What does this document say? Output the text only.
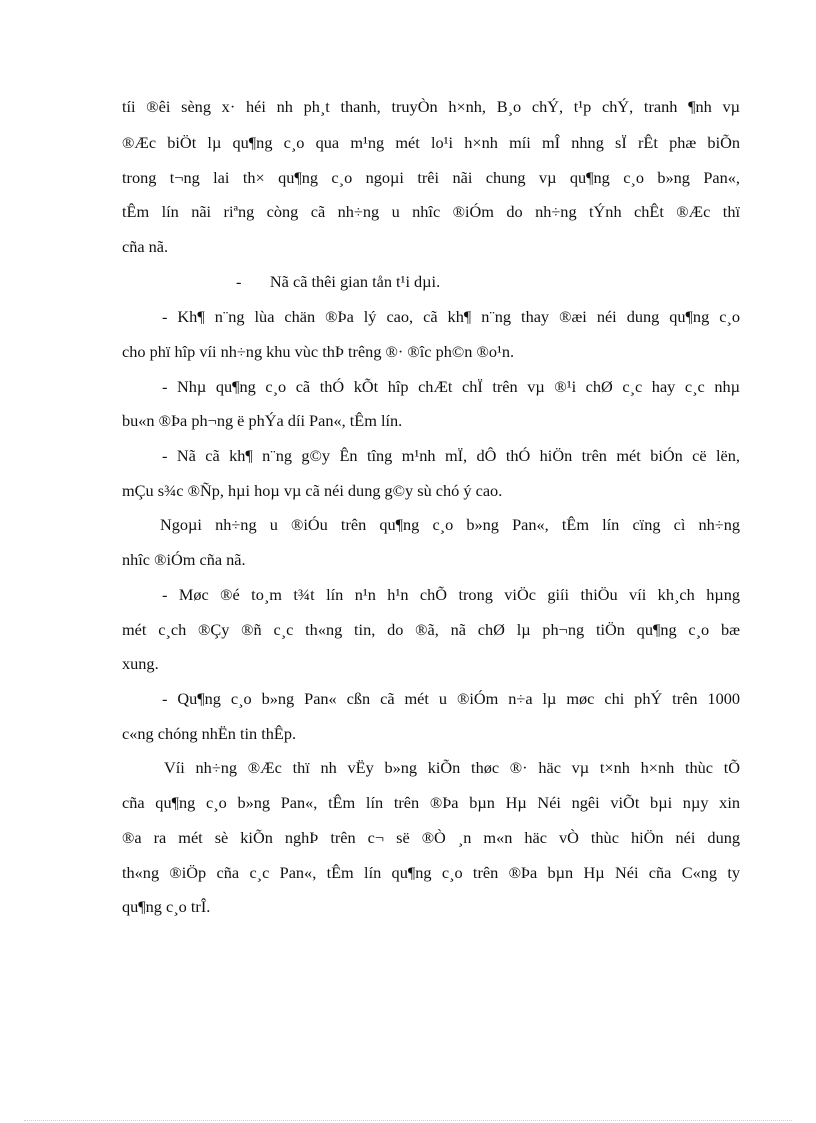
tíi ®êi sèng x· héi nh ph¸t thanh, truyÒn h×nh, B¸o chÝ, t¹p chÝ, tranh ¶nh vµ
®Æc biÖt lµ qu¶ng c¸o qua m¹ng mét lo¹i h×nh míi mÎ nhng sÏ rÊt phæ biÕn
trong t¬ng lai th× qu¶ng c¸o ngoµi trêi nãi chung vµ qu¶ng c¸o b»ng Pan«,
tÊm lín nãi riªng còng cã nh÷ng u nhîc ®iÓm do nh÷ng tÝnh chÊt ®Æc thï
cña nã.
-       Nã cã thêi gian tån t¹i dµi.
- Kh¶ n¨ng lùa chän ®Þa lý cao, cã kh¶ n¨ng thay ®æi néi dung qu¶ng c¸o
cho phï hîp víi nh÷ng khu vùc thÞ trêng ®· ®îc ph©n ®o¹n.
- Nhµ qu¶ng c¸o cã thÓ kÕt hîp chÆt chÏ trên vµ ®¹i chØ c¸c hay c¸c nhµ
bu«n ®Þa ph¬ng ë phÝa díi Pan«, tÊm lín.
- Nã cã kh¶ n¨ng g©y Ên tîng m¹nh mÏ, dÔ thÓ hiÖn trên mét biÓn cë lën,
mÇu s¾c ®Ñp, hµi hoµ vµ cã néi dung g©y sù chó ý cao.
Ngoµi nh÷ng u ®iÓu trên qu¶ng c¸o b»ng Pan«, tÊm lín cïng cì nh÷ng
nhîc ®iÓm cña nã.
- Møc ®é to¸m t¾t lín n¹n h¹n chÕ trong viÖc giíi thiÖu víi kh¸ch hµng
mét c¸ch ®Çy ®ñ c¸c th«ng tin, do ®ã, nã chØ lµ ph¬ng tiÖn qu¶ng c¸o bæ
xung.
- Qu¶ng c¸o b»ng Pan« cßn cã mét u ®iÓm n÷a lµ møc chi phÝ trên 1000
c«ng chóng nhËn tin thÊp.
Víi nh÷ng ®Æc thï nh vËy b»ng kiÕn thøc ®· häc vµ t×nh h×nh thùc tÕ
cña qu¶ng c¸o b»ng Pan«, tÊm lín trên ®Þa bµn Hµ Néi ngêi viÕt bµi nµy xin
®a ra mét sè kiÕn nghÞ trên c¬ së ®Ò ¸n m«n häc vÒ thùc hiÖn néi dung
th«ng ®iÖp cña c¸c Pan«, tÊm lín qu¶ng c¸o trên ®Þa bµn Hµ Néi cña C«ng ty
qu¶ng c¸o trÎ.
